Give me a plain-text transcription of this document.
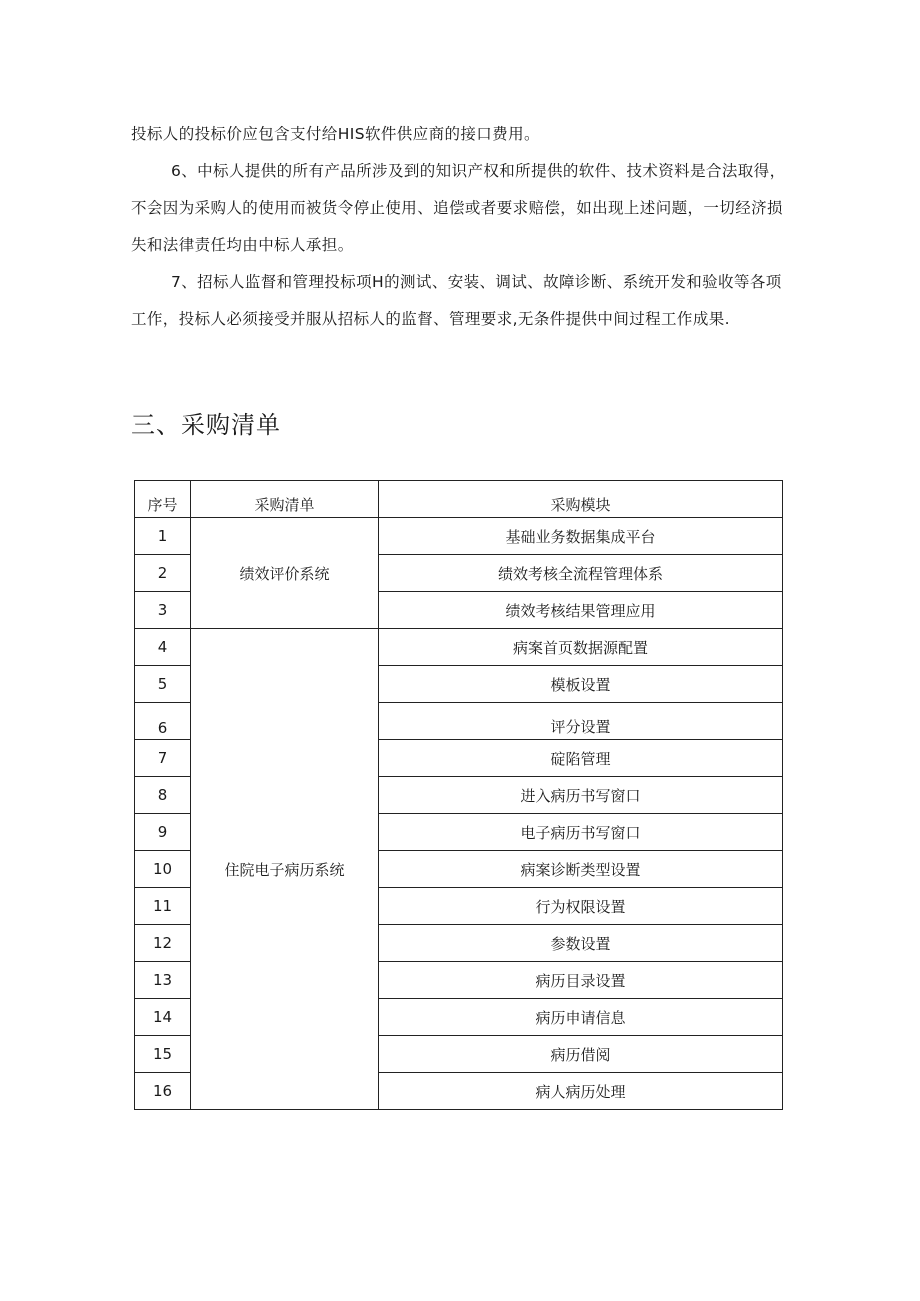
投标人的投标价应包含支付给HIS软件供应商的接口费用。

6、中标人提供的所有产品所涉及到的知识产权和所提供的软件、技术资料是合法取得，不会因为采购人的使用而被货令停止使用、追偿或者要求赔偿，如出现上述问题，一切经济损失和法律责任均由中标人承担。

7、招标人监督和管理投标项H的测试、安装、调试、故障诊断、系统开发和验收等各项工作，投标人必须接受并服从招标人的监督、管理要求,无条件提供中间过程工作成果.

三、采购清单
序号	采购清单	采购模块
1	绩效评价系统	基础业务数据集成平台
2		绩效考核全流程管理体系
3		绩效考核结果管理应用
4	住院电子病历系统	病案首页数据源配置
5		模板设置
6		评分设置
7		碇陷管理
8		进入病历书写窗口
9		电子病历书写窗口
10		病案诊断类型设置
11		行为权限设置
12		参数设置
13		病历目录设置
14		病历申请信息
15		病历借阅
16		病人病历处理
